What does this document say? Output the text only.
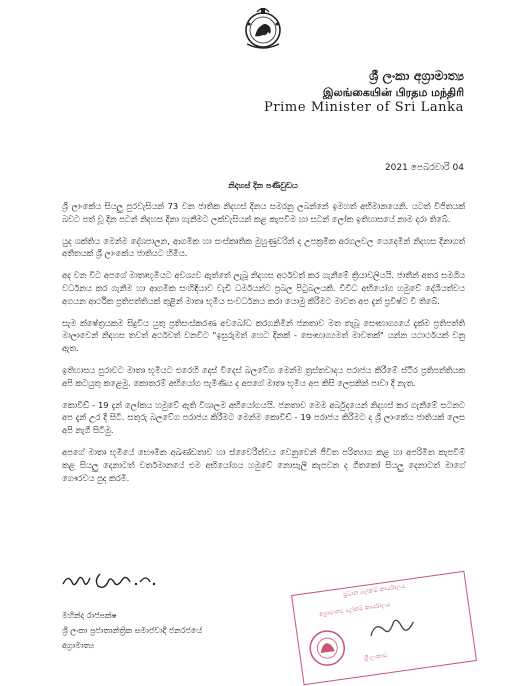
ශ්‍රී ලංකා අග්‍රාමාත්‍ය
இலங்கையின் பிரதம மந்திரி
Prime Minister of Sri Lanka
2021 පෙබරවාරි 04
නිදහස් දින පණිවුඩය

ශ්‍රී ලාංකේය සියලු පුරවැසියන් 73 වන ජාතික නිදහස් දිනය සමරනු ලබන්නේ ඉමහත් අභිමානයෙනි. යටත් විජිතයක් බවට පත් වූ දින පටන් නිදහස දිනා ගැනීමට ලක්වැසියන් කළ කැපවීම හා සටන් ලෝක ඉතිහාසයේ නාම දරා තිබේ.

යුද ශක්තිය මෙන්ම දේශපාලන, ආගමික හා සංස්කෘතික මුහුණුවරින් ද උපක්‍රමික අරගලවල යෙදෙමින් නිදහස දිනාගත් අතීතයක් ශ්‍රී ලාංකේය ජාතියට හිමිය.

අද වන විට අපගේ මාතෘභූමියට අවශ්‍යව ඇත්තේ ලැබූ නිදහස අර්ථවත් කර ගැනීමේ ක්‍රියාවලියයි. ජාතීන් අතර සමගිය වර්ධනය කර ගැනීම හා ආගමික සංහිඳියාව වැඩි ධර්මයන්ට ප්‍රබල පිටුබලයකි. විවිධ අභියෝග හමුවේ දේශියත්වය අගයන ආර්ථික ප්‍රතිපත්තියක් තුළින් මාතෘ භූමිය සංවර්ධනය කරා යොමු කිරීමට මාවත අප දැන් ප්‍රවිෂ්ට වී තිබේ.

සැම ක්ෂේත්‍රයකම සිදුවිය යුතු ප්‍රතිසංස්කරණ අවබෝධ කරගනිමින් ජනතාව මත තැබූ සෞභාග්‍යයේ දැක්ම ප්‍රතිපත්ති මාලාවෙන් නිදහස තවත් අර්ථවත් වනවිට "ඉසුරුමත් හෙට දිනක් - සෞභාග්‍යමත් මාවතක්" යන්න යථාර්ථයක් වනු ඇත.

ඉතිහාසය පුරාවට මාතෘ භූමියට එරෙහි දෙස් විදෙස් බලවේග මෙන්ම ත්‍රස්තවාදය පරාජය කිරීමේ ස්ථිර ප්‍රතිපත්තියක අපි කටයුතු කළෙමු. කොතරම් අභියෝග පැමිණිය ද අපගේ මාතෘ භූමිය අප කිසි ලෙසකින් පාවා දී නැත.

කොවිඩ් - 19 දැන් ලෝකය හමුවේ ඇති විශාලම අභියෝගයයි. ජනතාව මෙම අර්බුදයෙන් නිදහස් කර ගැනීමේ සටනට අප දැන් උර දී සිටී. සතුරු බලවේග පරාජය කිරීමට මෙන්ම කොවිඩ් - 19 පරාජය කිරීමට ද ශ්‍රී ලාංකේය ජාතියක් ලෙස අපි නැගී සිටිමු.

අපගේ මාතෘ භූමියේ භෞමික අඛණ්ඩතාව හා ස්වෛරීත්වය වෙනුවෙන් ජීවිත පරිත්‍යාග කළ හා අපරිමිත කැපවීම් කළ සියලු දෙනාටත් වර්තමානයේ එම අභියෝගය හමුවේ නොසැලී කැපවන ද ගිතකෝ සියලු දෙනාටත් මාගේ ගෞරවය පුද කරමි.

මහින්ද රාජපක්ෂ
ශ්‍රී ලංකා ප්‍රජාතාන්ත්‍රික සමාජවාදී ජනරජයේ
අග්‍රාමාත්‍ය
ප්‍රධාන ලේකම් කාර්යාලය
අග්‍රාමාත්‍ය ලේකම් කාර්යාලය
ශ්‍රී ලංකාව
